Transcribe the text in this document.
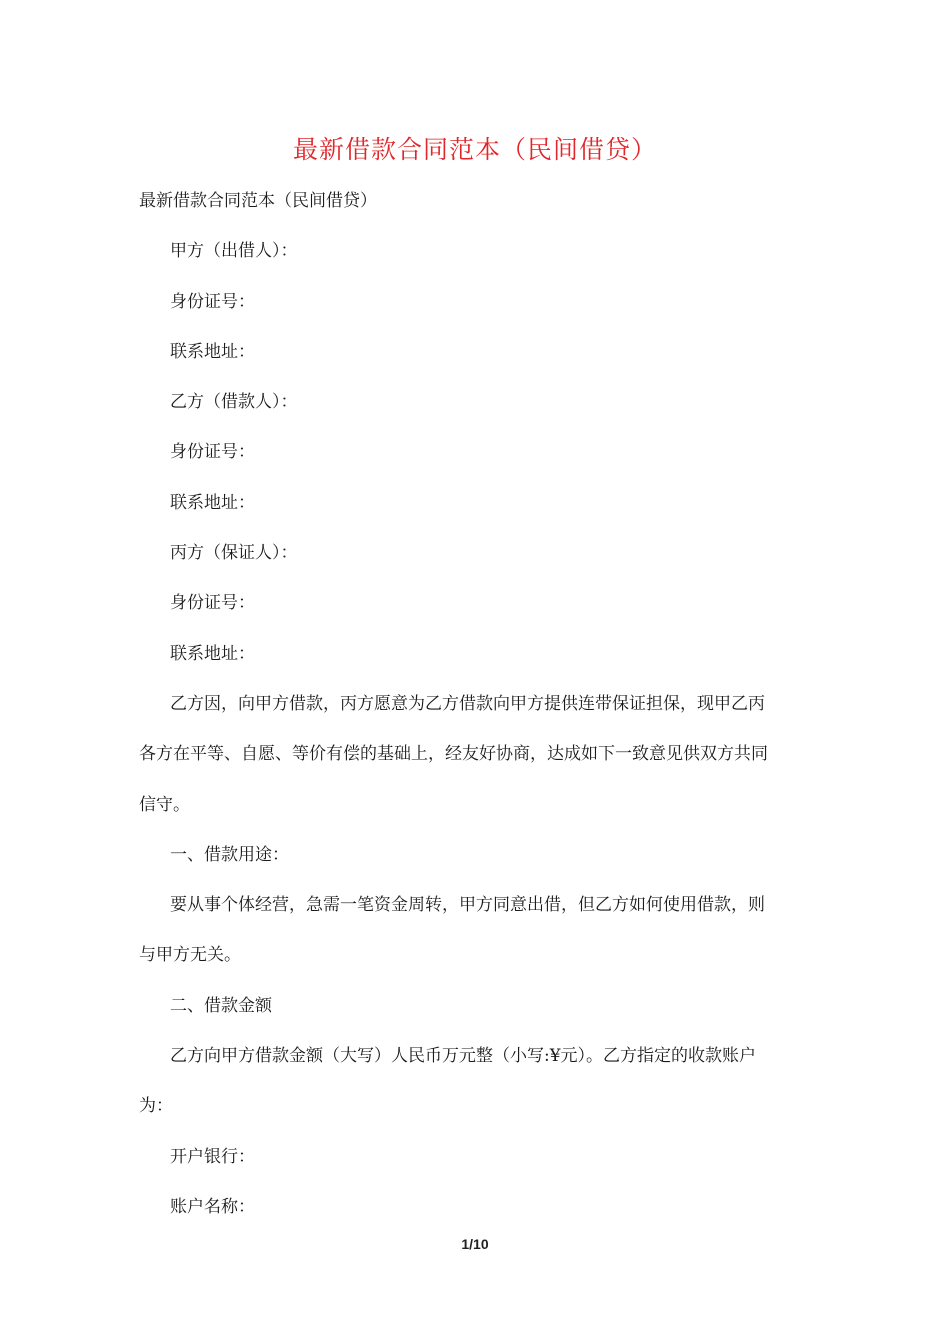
最新借款合同范本（民间借贷）
最新借款合同范本（民间借贷）
甲方（出借人）：
身份证号：
联系地址：
乙方（借款人）：
身份证号：
联系地址：
丙方（保证人）：
身份证号：
联系地址：
乙方因，向甲方借款，丙方愿意为乙方借款向甲方提供连带保证担保，现甲乙丙
各方在平等、自愿、等价有偿的基础上，经友好协商，达成如下一致意见供双方共同
信守。
一、借款用途：
要从事个体经营，急需一笔资金周转，甲方同意出借，但乙方如何使用借款，则
与甲方无关。
二、借款金额
乙方向甲方借款金额（大写）人民币万元整（小写:¥元）。乙方指定的收款账户
为：
开户银行：
账户名称：
1/10
